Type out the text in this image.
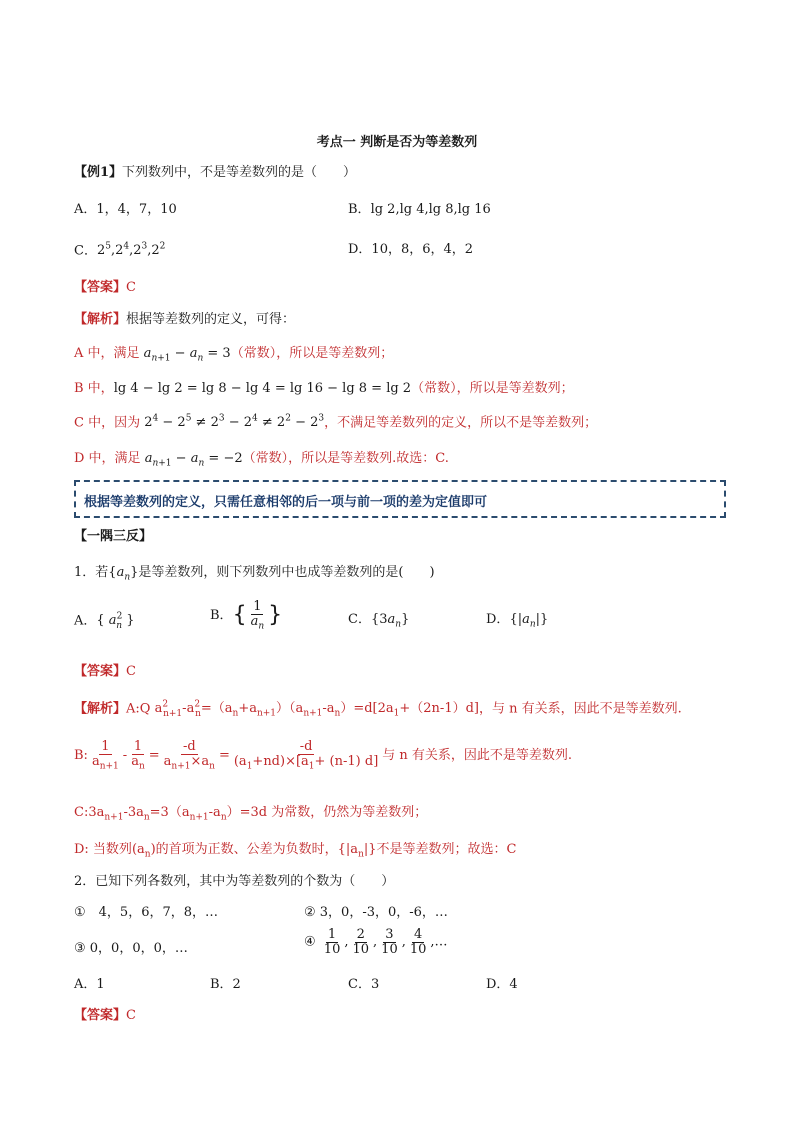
考点一 判断是否为等差数列
【例1】下列数列中，不是等差数列的是（　　）
A．1，4，7，10	B．lg 2,lg 4,lg 8,lg 16
C．$2^5,2^4,2^3,2^2$	D．10，8，6，4，2
【答案】C
【解析】根据等差数列的定义，可得：
A 中，满足 $a_{n+1} - a_n = 3$（常数），所以是等差数列；
B 中，lg 4 − lg 2 = lg 8 − lg 4 = lg 16 − lg 8 = lg 2（常数），所以是等差数列；
C 中，因为 $2^4 - 2^5 \ne 2^3 - 2^4 \ne 2^2 - 2^3$，不满足等差数列的定义，所以不是等差数列；
D 中，满足 $a_{n+1} - a_n = -2$（常数），所以是等差数列.故选：C.
根据等差数列的定义，只需任意相邻的后一项与前一项的差为定值即可
【一隅三反】
1．若$\{a_n\}$是等差数列，则下列数列中也成等差数列的是(　　)
A．{ $a^2_n$ }	B．{ $\frac{1}{a_n}$ }	C．$\{3a_n\}$	D．$\{|a_n|\}$
【答案】C
【解析】A:Q $a^2_{n+1}-a^2_n=(a_n+a_{n+1})(a_{n+1}-a_n)=d[2a_1+(2n-1)d]$，与 n 有关系，因此不是等差数列.
B: $\frac{1}{a_{n+1}} - \frac{1}{a_n} = \frac{-d}{a_{n+1}\times a_n} = \frac{-d}{(a_1+nd)\times[a_1+ (n-1) d]}$ 与 n 有关系，因此不是等差数列.
$C:3a_{n+1}-3a_n=3(a_{n+1}-a_n)=3d$ 为常数，仍然为等差数列；
D: 当数列$(a_n)$的首项为正数、公差为负数时，$\{|a_n|\}$不是等差数列；故选：C
2．已知下列各数列，其中为等差数列的个数为（　　）
①　4，5，6，7，8，…	② 3，0，-3，0，-6，…
③ 0，0，0，0，…	④ $\frac{1}{10}$ , $\frac{2}{10}$ , $\frac{3}{10}$ , $\frac{4}{10}$ ,…
A．1	B．2	C．3	D．4
【答案】C
